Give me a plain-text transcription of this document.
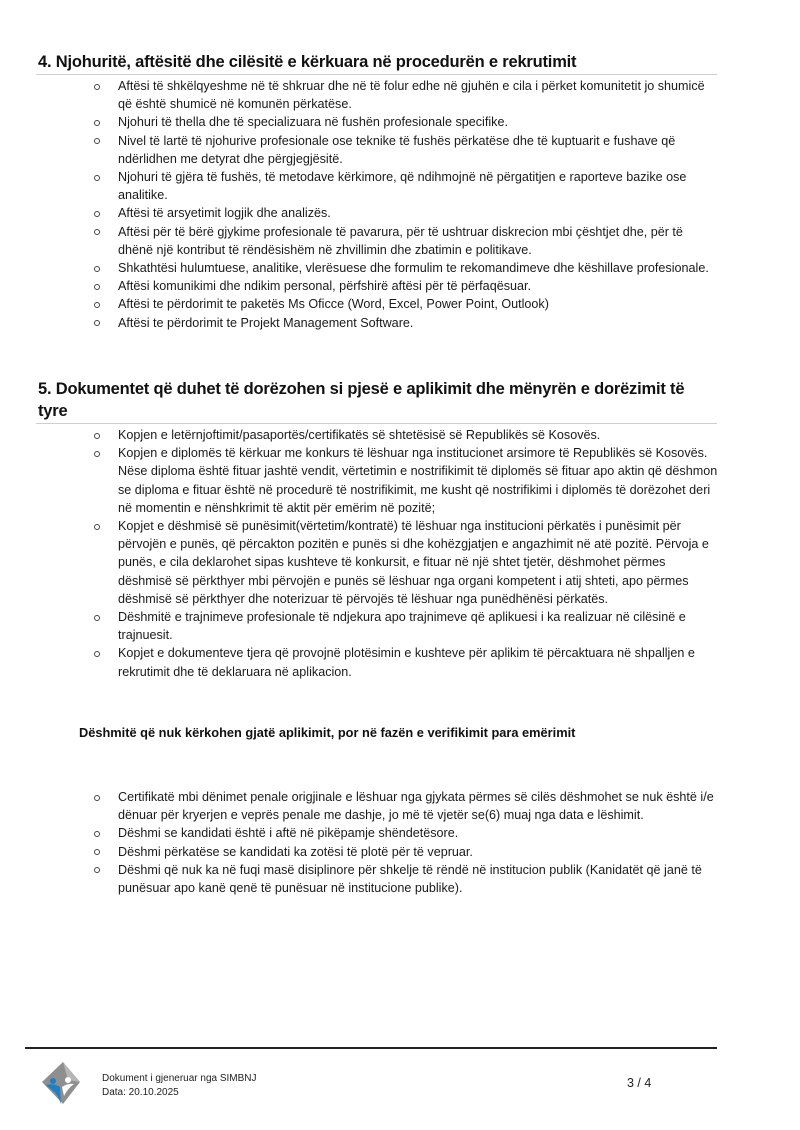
4. Njohuritë, aftësitë dhe cilësitë e kërkuara në procedurën e rekrutimit
Aftësi të shkëlqyeshme në të shkruar dhe në të folur edhe në gjuhën e cila i përket komunitetit jo shumicë që është shumicë në komunën përkatëse.
Njohuri të thella dhe të specializuara në fushën profesionale specifike.
Nivel të lartë të njohurive profesionale ose teknike të fushës përkatëse dhe të kuptuarit e fushave që ndërlidhen me detyrat dhe përgjegjësitë.
Njohuri të gjëra të fushës, të metodave kërkimore, që ndihmojnë në përgatitjen e raporteve bazike ose analitike.
Aftësi të arsyetimit logjik dhe analizës.
Aftësi për të bërë gjykime profesionale të pavarura, për të ushtruar diskrecion mbi çështjet dhe, për të dhënë një kontribut të rëndësishëm në zhvillimin dhe zbatimin e politikave.
Shkathtësi hulumtuese, analitike, vlerësuese dhe formulim te rekomandimeve dhe këshillave profesionale.
Aftësi komunikimi dhe ndikim personal, përfshirë aftësi për të përfaqësuar.
Aftësi te përdorimit te paketës Ms Oficce (Word, Excel, Power Point, Outlook)
Aftësi te përdorimit te Projekt Management Software.
5. Dokumentet që duhet të dorëzohen si pjesë e aplikimit dhe mënyrën e dorëzimit të tyre
Kopjen e letërnjoftimit/pasaportës/certifikatës së shtetësisë së Republikës së Kosovës.
Kopjen e diplomës të kërkuar me konkurs të lëshuar nga institucionet arsimore të Republikës së Kosovës. Nëse diploma është fituar jashtë vendit, vërtetimin e nostrifikimit të diplomës së fituar apo aktin që dëshmon se diploma e fituar është në procedurë të nostrifikimit, me kusht që nostrifikimi i diplomës të dorëzohet deri në momentin e nënshkrimit të aktit për emërim në pozitë;
Kopjet e dëshmisë së punësimit(vërtetim/kontratë) të lëshuar nga institucioni përkatës i punësimit për përvojën e punës, që përcakton pozitën e punës si dhe kohëzgjatjen e angazhimit në atë pozitë. Përvoja e punës, e cila deklarohet sipas kushteve të konkursit, e fituar në një shtet tjetër, dëshmohet përmes dëshmisë së përkthyer mbi përvojën e punës së lëshuar nga organi kompetent i atij shteti, apo përmes dëshmisë së përkthyer dhe noterizuar të përvojës të lëshuar nga punëdhënësi përkatës.
Dëshmitë e trajnimeve profesionale të ndjekura apo trajnimeve që aplikuesi i ka realizuar në cilësinë e trajnuesit.
Kopjet e dokumenteve tjera që provojnë plotësimin e kushteve për aplikim të përcaktuara në shpalljen e rekrutimit dhe të deklaruara në aplikacion.
Dëshmitë që nuk kërkohen gjatë aplikimit, por në fazën e verifikimit para emërimit
Certifikatë mbi dënimet penale origjinale e lëshuar nga gjykata përmes së cilës dëshmohet se nuk është i/e dënuar për kryerjen e veprës penale me dashje, jo më të vjetër se(6) muaj nga data e lëshimit.
Dëshmi se kandidati është i aftë në pikëpamje shëndetësore.
Dëshmi përkatëse se kandidati ka zotësi të plotë për të vepruar.
Dëshmi që nuk ka në fuqi masë disiplinore për shkelje të rëndë në institucion publik (Kanidatët që janë të punësuar apo kanë qenë të punësuar në institucione publike).
Dokument i gjeneruar nga SIMBNJ
Data: 20.10.2025
3 / 4
